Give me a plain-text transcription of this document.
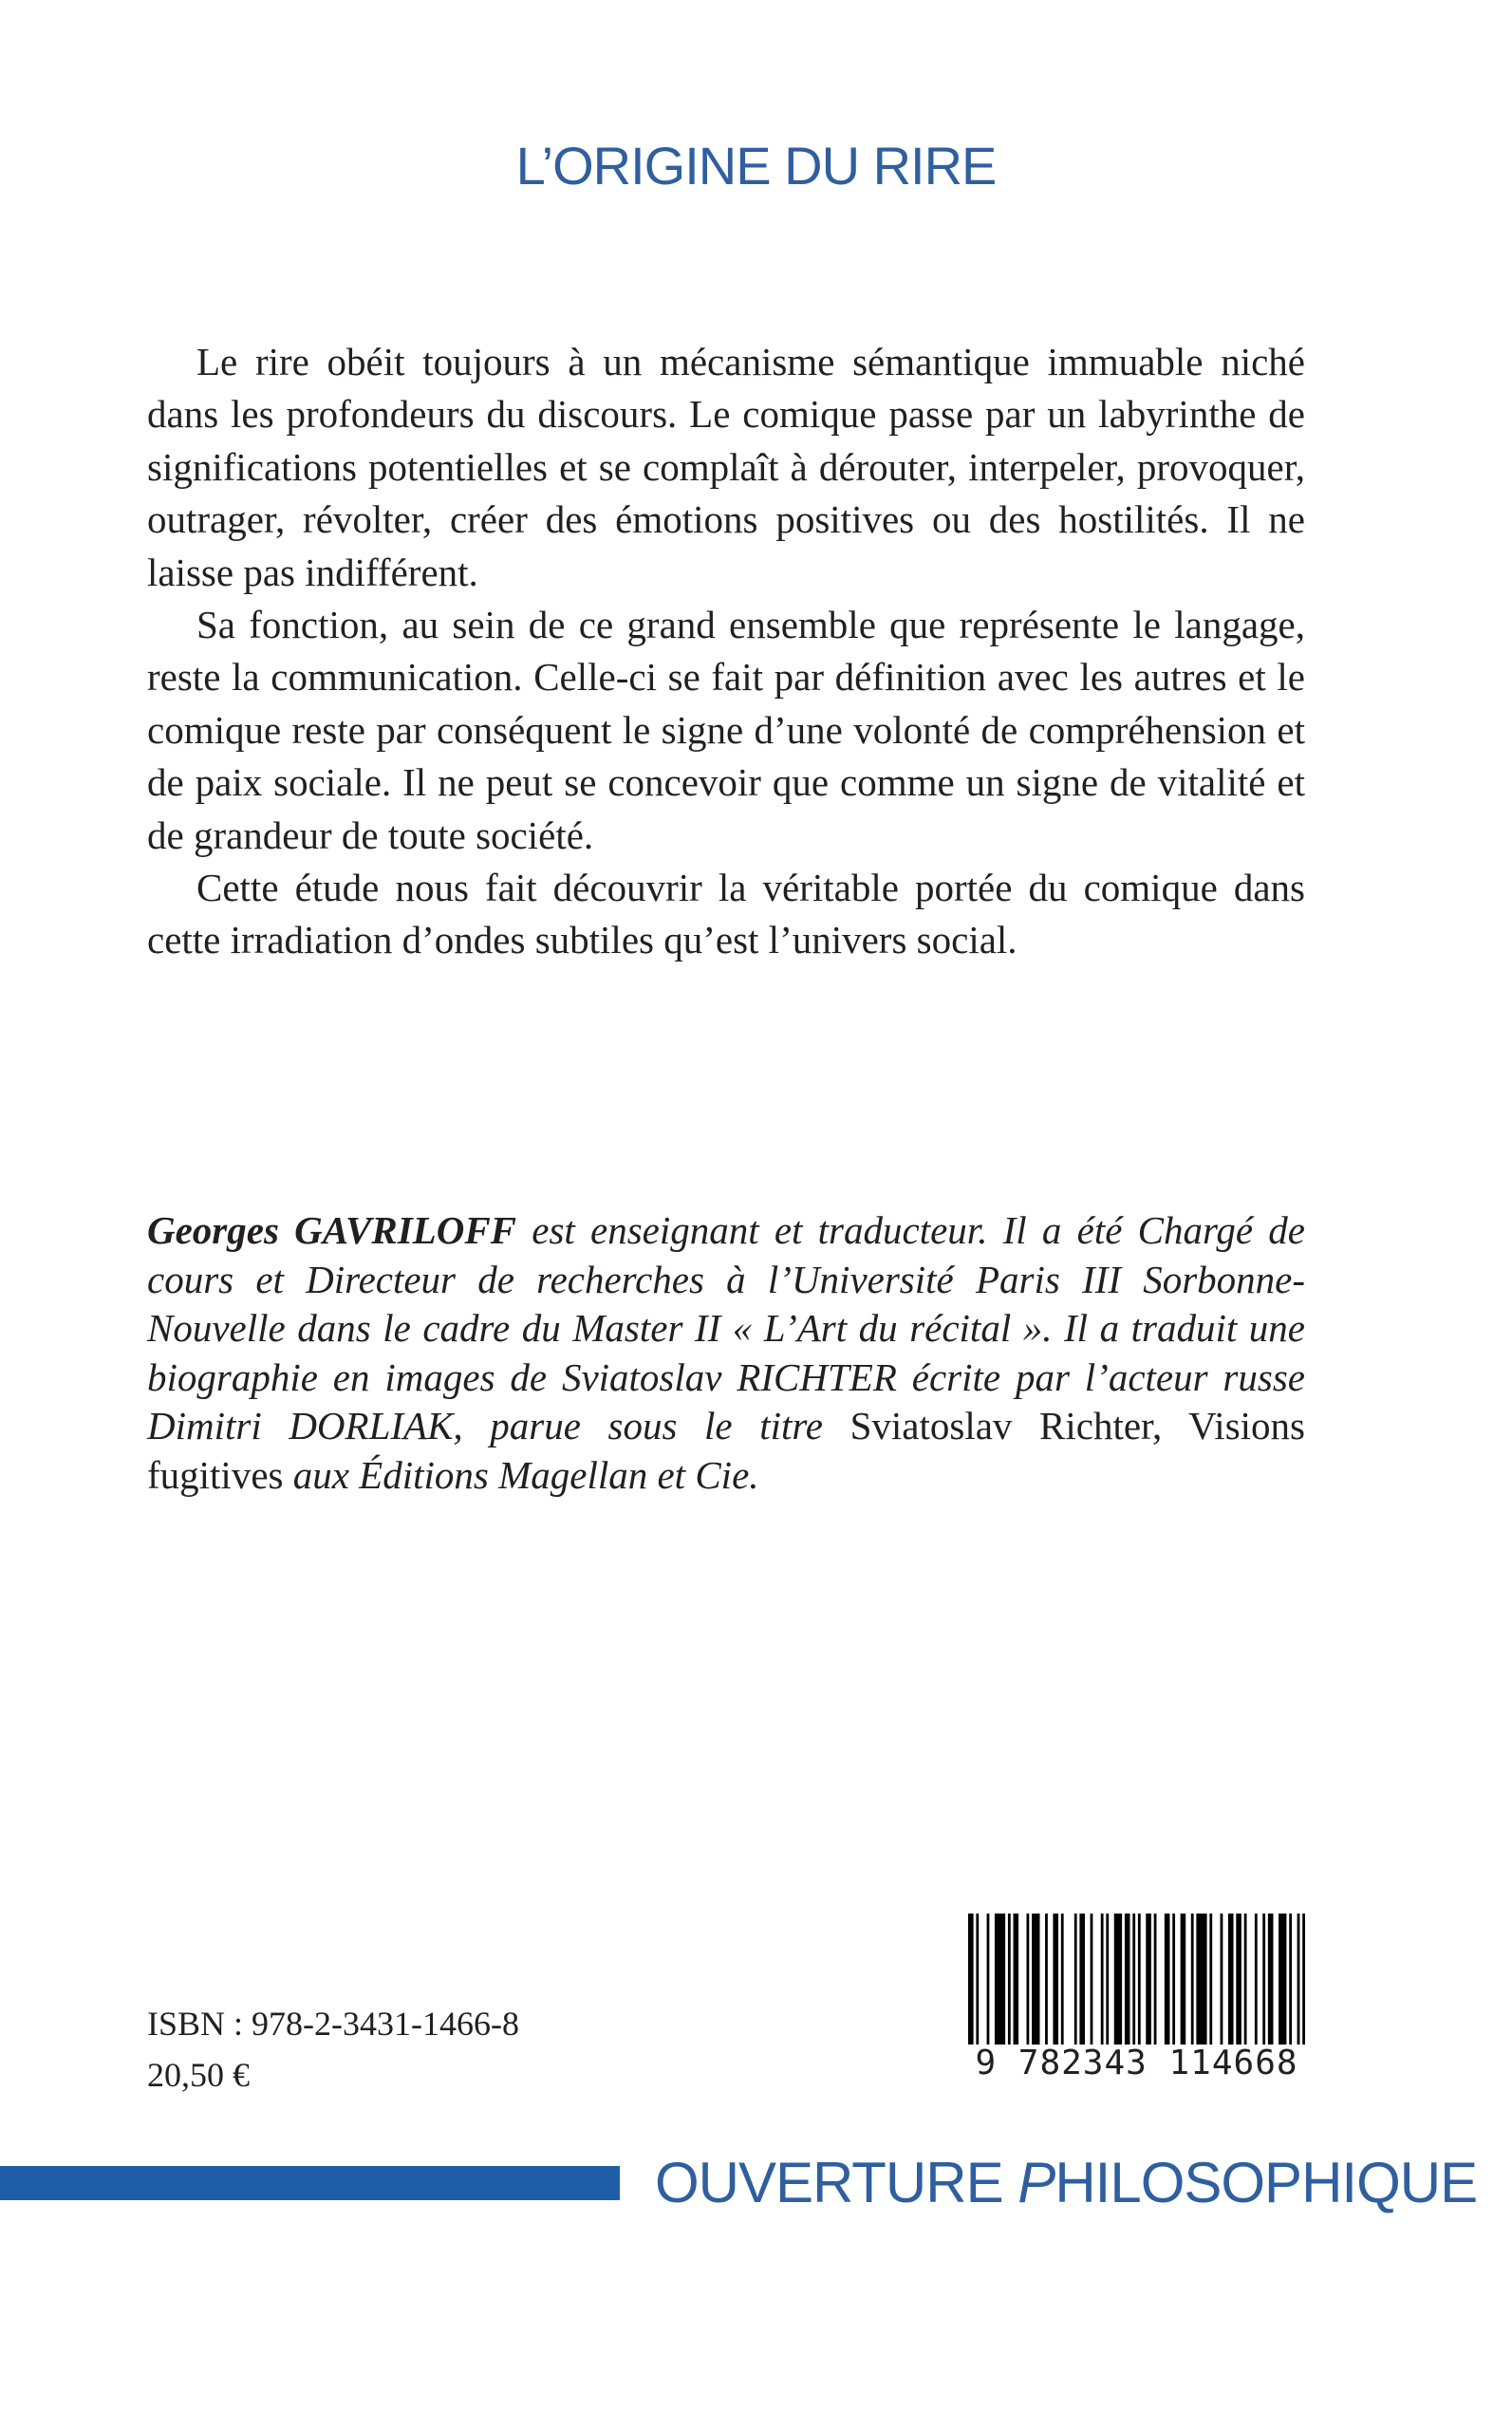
L’ORIGINE DU RIRE

Le rire obéit toujours à un mécanisme sémantique immuable niché dans les profondeurs du discours. Le comique passe par un labyrinthe de significations potentielles et se complaît à dérouter, interpeler, provoquer, outrager, révolter, créer des émotions positives ou des hostilités. Il ne laisse pas indifférent.

Sa fonction, au sein de ce grand ensemble que représente le langage, reste la communication. Celle-ci se fait par définition avec les autres et le comique reste par conséquent le signe d’une volonté de compréhension et de paix sociale. Il ne peut se concevoir que comme un signe de vitalité et de grandeur de toute société.

Cette étude nous fait découvrir la véritable portée du comique dans cette irradiation d’ondes subtiles qu’est l’univers social.

Georges GAVRILOFF est enseignant et traducteur. Il a été Chargé de cours et Directeur de recherches à l’Université Paris III Sorbonne-Nouvelle dans le cadre du Master II « L’Art du récital ». Il a traduit une biographie en images de Sviatoslav RICHTER écrite par l’acteur russe Dimitri DORLIAK, parue sous le titre Sviatoslav Richter, Visions fugitives aux Éditions Magellan et Cie.

ISBN : 978-2-3431-1466-8
20,50 €	9 782343 114668
OUVERTURE PHILOSOPHIQUE
